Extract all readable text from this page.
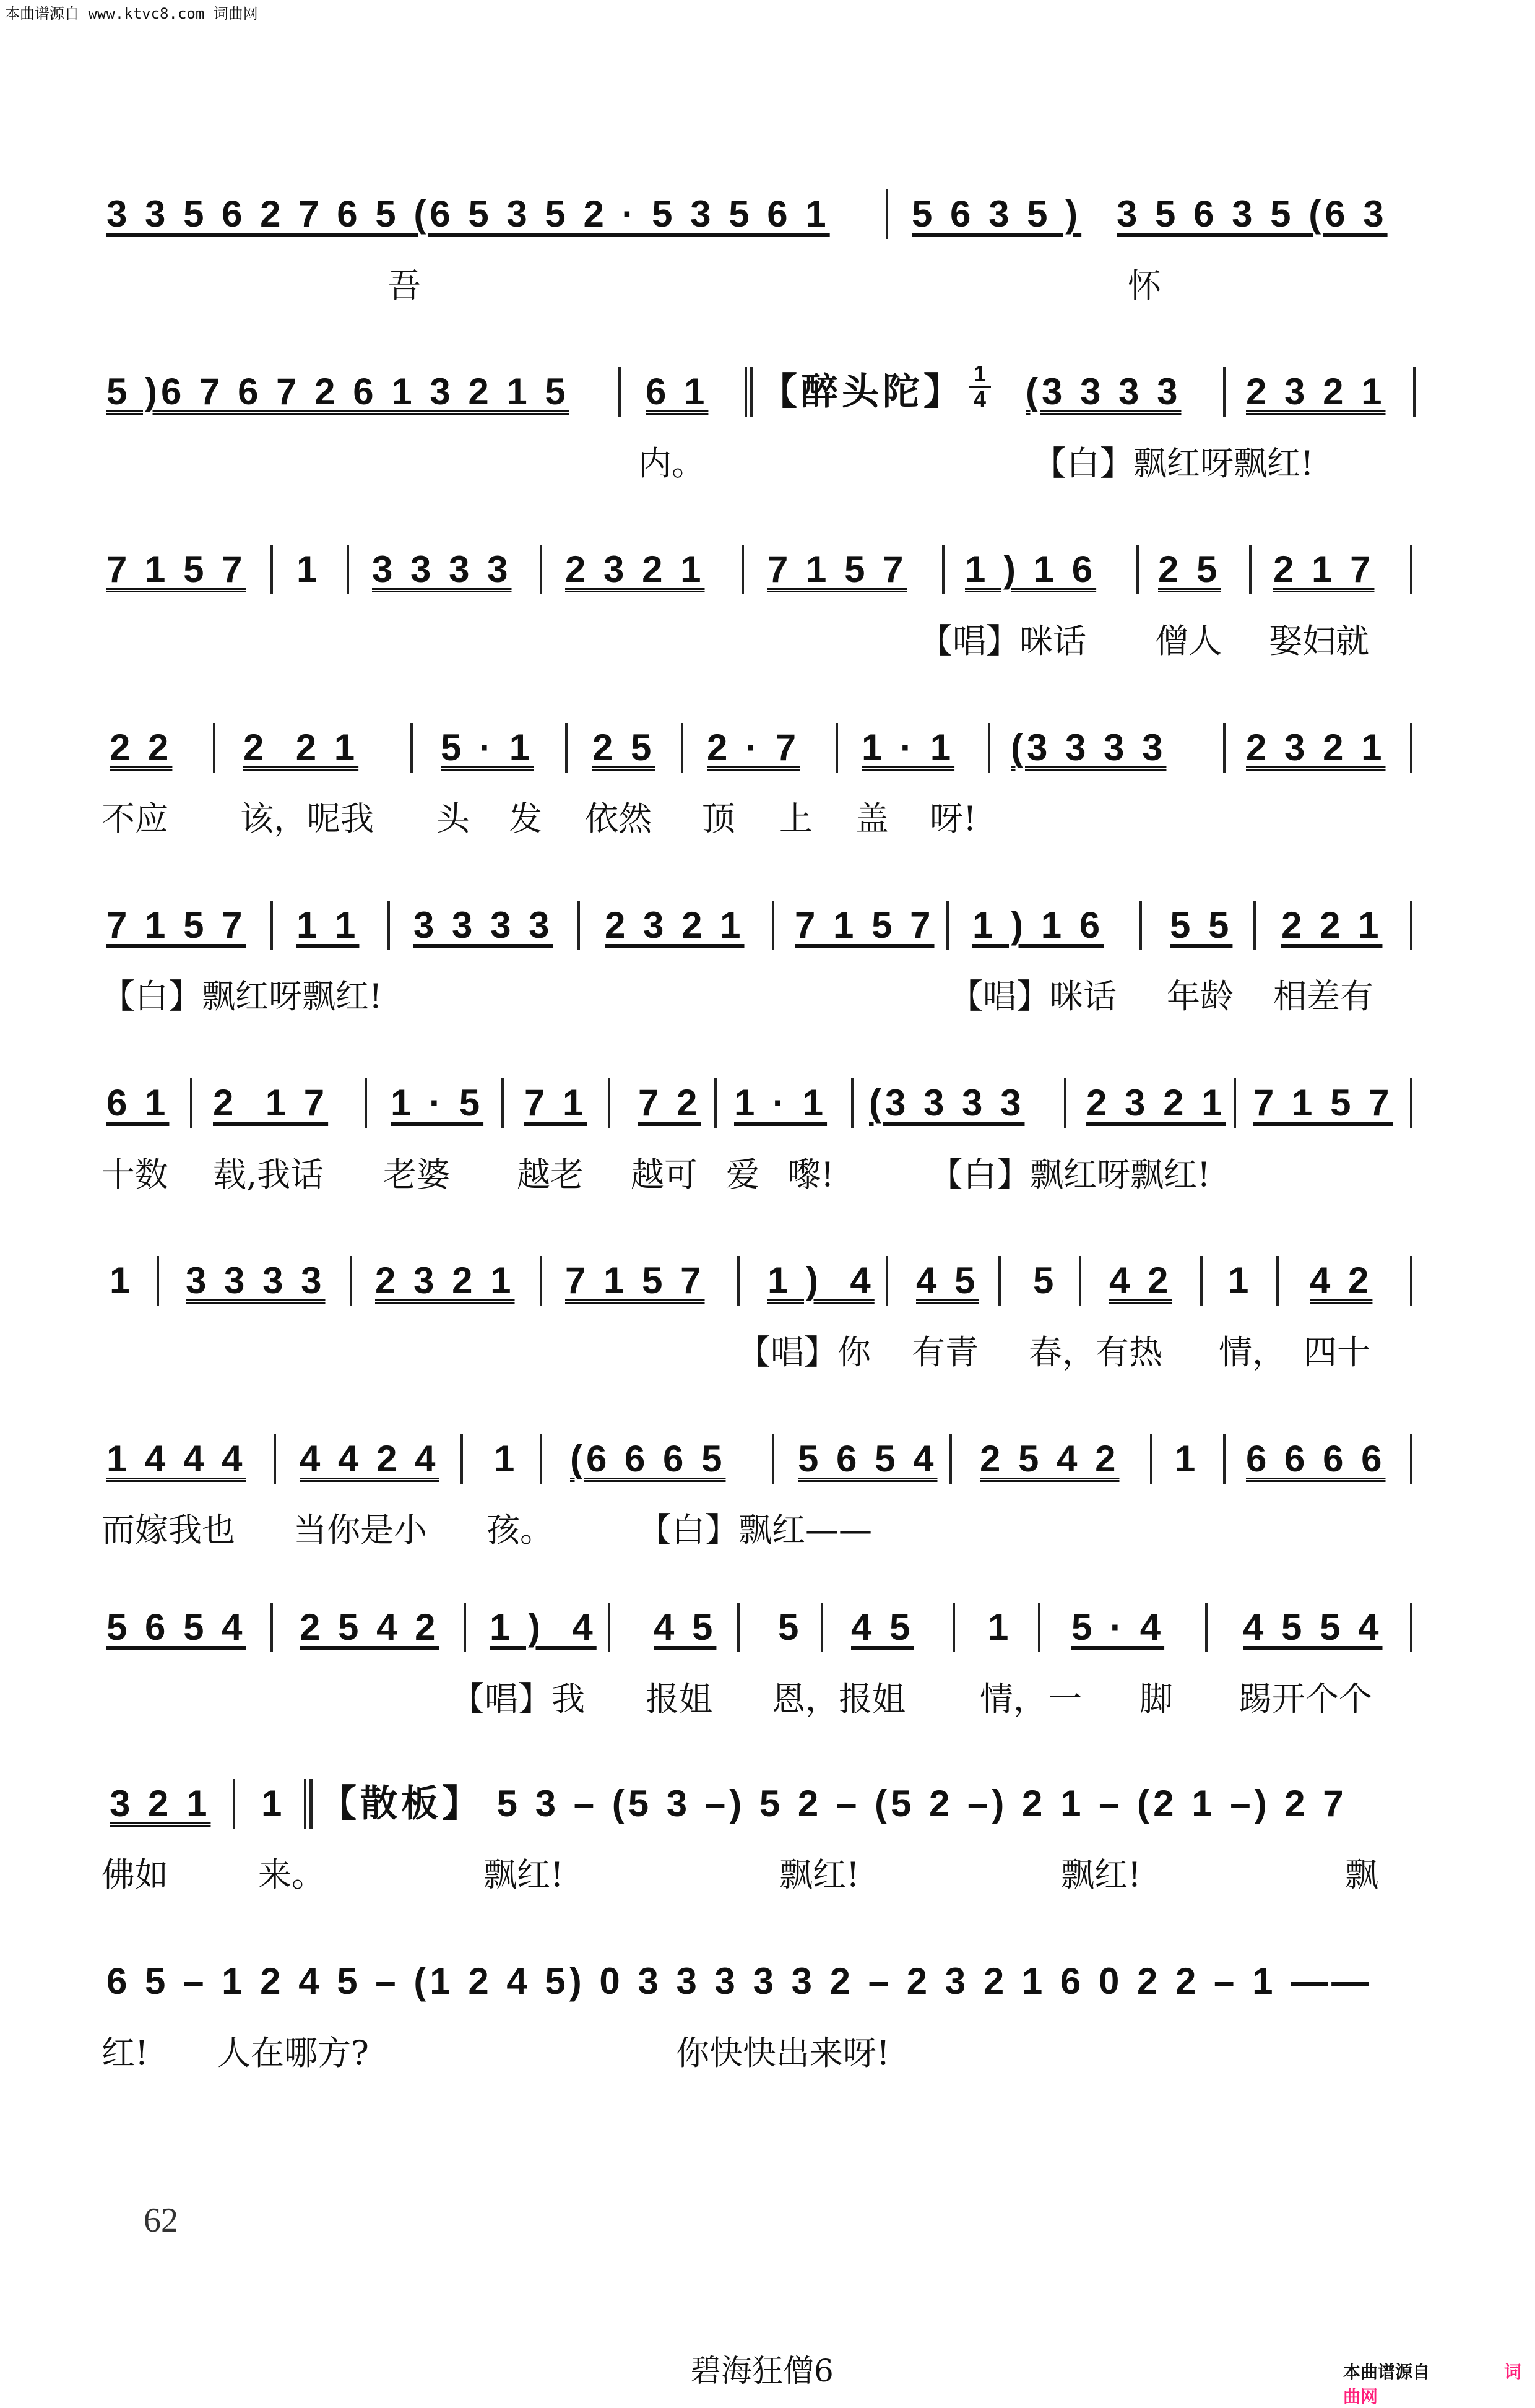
本曲谱源自 www.ktvc8.com 词曲网
3 3 5 6 2 7 6 5 (6 5 3 5 2 · 5 3 5 6 1 5 6 3 5 ) 3 5 6 3 5 (6 3
吾	怀
5 )6 7 6 7 2 6 1 3 2 1 5 6 1 【醉头陀】 (3 3 3 3 2 3 2 1
内。	【白】飘红呀飘红!
7 1 5 7 1 3 3 3 3 2 3 2 1 7 1 5 7 1 ) 1 6 2 5 2 1 7
【唱】咪话 僧人 娶妇就
2 2 2  2 1 5 · 1 2 5 2 · 7 1 · 1 (3 3 3 3 2 3 2 1
不应 该，呢我 头 发 依然 顶 上 盖 呀!
7 1 5 7 1 1 3 3 3 3 2 3 2 1 7 1 5 7 1 ) 1 6 5 5 2 2 1
【白】飘红呀飘红!	【唱】咪话 年龄 相差有
6 1 2  1 7 1 · 5 7 1 7 2 1 · 1 (3 3 3 3 2 3 2 1 7 1 5 7
十数 载,我话 老婆 越老 越可 爱 嚟!	【白】飘红呀飘红!
1 3 3 3 3 2 3 2 1 7 1 5 7 1 )  4 4 5 5 4 2 1 4 2
【唱】你 有青 春，有热 情， 四十
1 4 4 4 4 4 2 4 1 (6 6 6 5 5 6 5 4 2 5 4 2 1 6 6 6 6
而嫁我也 当你是小 孩。	【白】飘红——
5 6 5 4 2 5 4 2 1 )  4 4 5 5 4 5 1 5 · 4 4 5 5 4
【唱】我 报姐 恩，报姐 情， 一 脚 踢开个个
3 2 1 1 【散板】 5 3 – (5 3 –) 5 2 – (5 2 –) 2 1 – (2 1 –) 2 7
佛如	来。	飘红!	飘红!	飘红!	飘
6 5 – 1 2 4 5 – (1 2 4 5) 0 3 3 3 3 3 2 – 2 3 2 1 6 0 2 2 – 1 ——
红! 人在哪方?	你快快出来呀!
62
碧海狂僧6	本曲谱源自	词曲网
$\frac{1}{4}$
